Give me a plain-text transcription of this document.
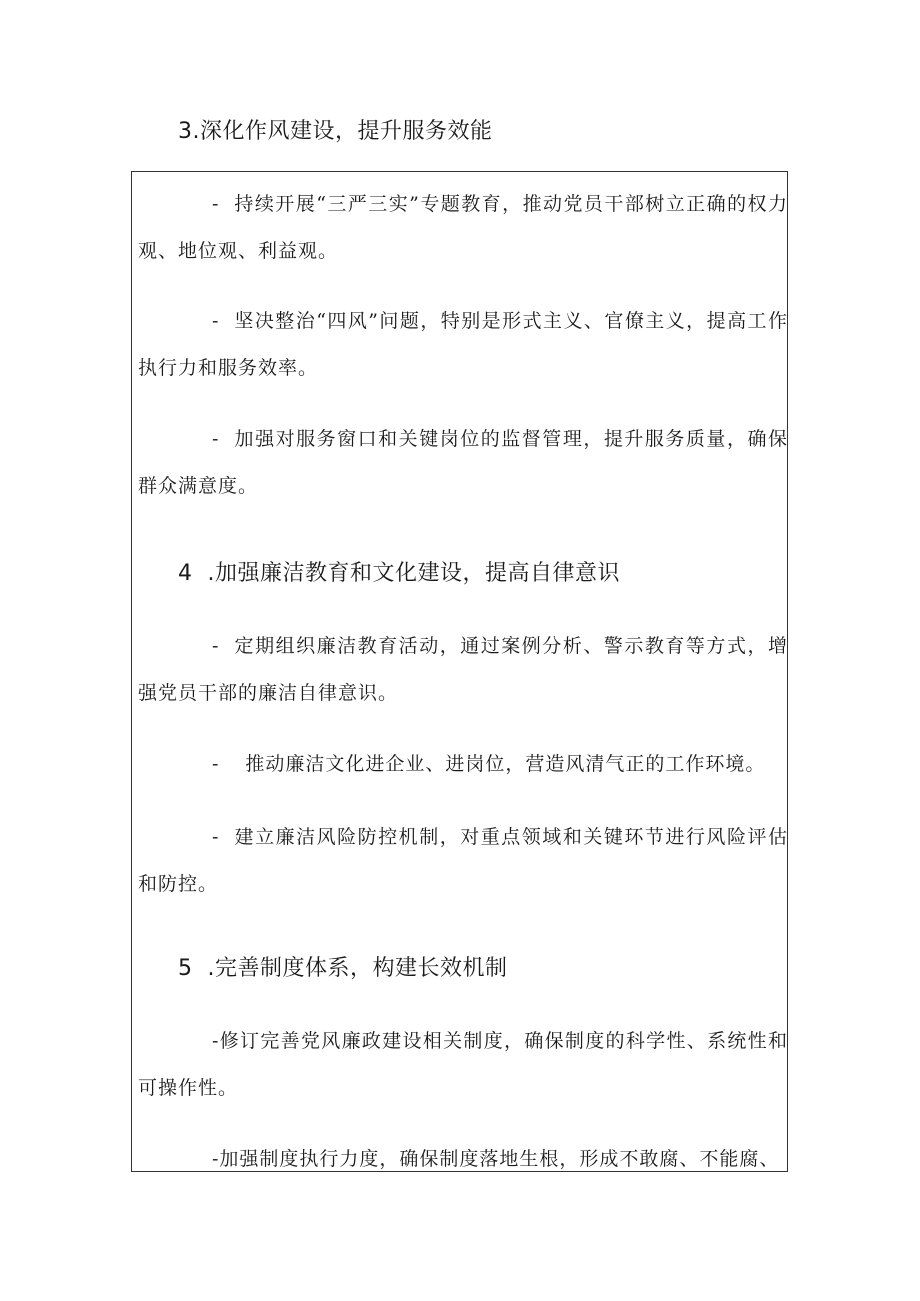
3.深化作风建设，提升服务效能
- 持续开展“三严三实”专题教育，推动党员干部树立正确的权力观、地位观、利益观。
- 坚决整治“四风”问题，特别是形式主义、官僚主义，提高工作执行力和服务效率。
- 加强对服务窗口和关键岗位的监督管理，提升服务质量，确保群众满意度。
4  .加强廉洁教育和文化建设，提高自律意识
- 定期组织廉洁教育活动，通过案例分析、警示教育等方式，增强党员干部的廉洁自律意识。
- 推动廉洁文化进企业、进岗位，营造风清气正的工作环境。
- 建立廉洁风险防控机制，对重点领域和关键环节进行风险评估和防控。
5  .完善制度体系，构建长效机制
-修订完善党风廉政建设相关制度，确保制度的科学性、系统性和可操作性。
-加强制度执行力度，确保制度落地生根，形成不敢腐、不能腐、
